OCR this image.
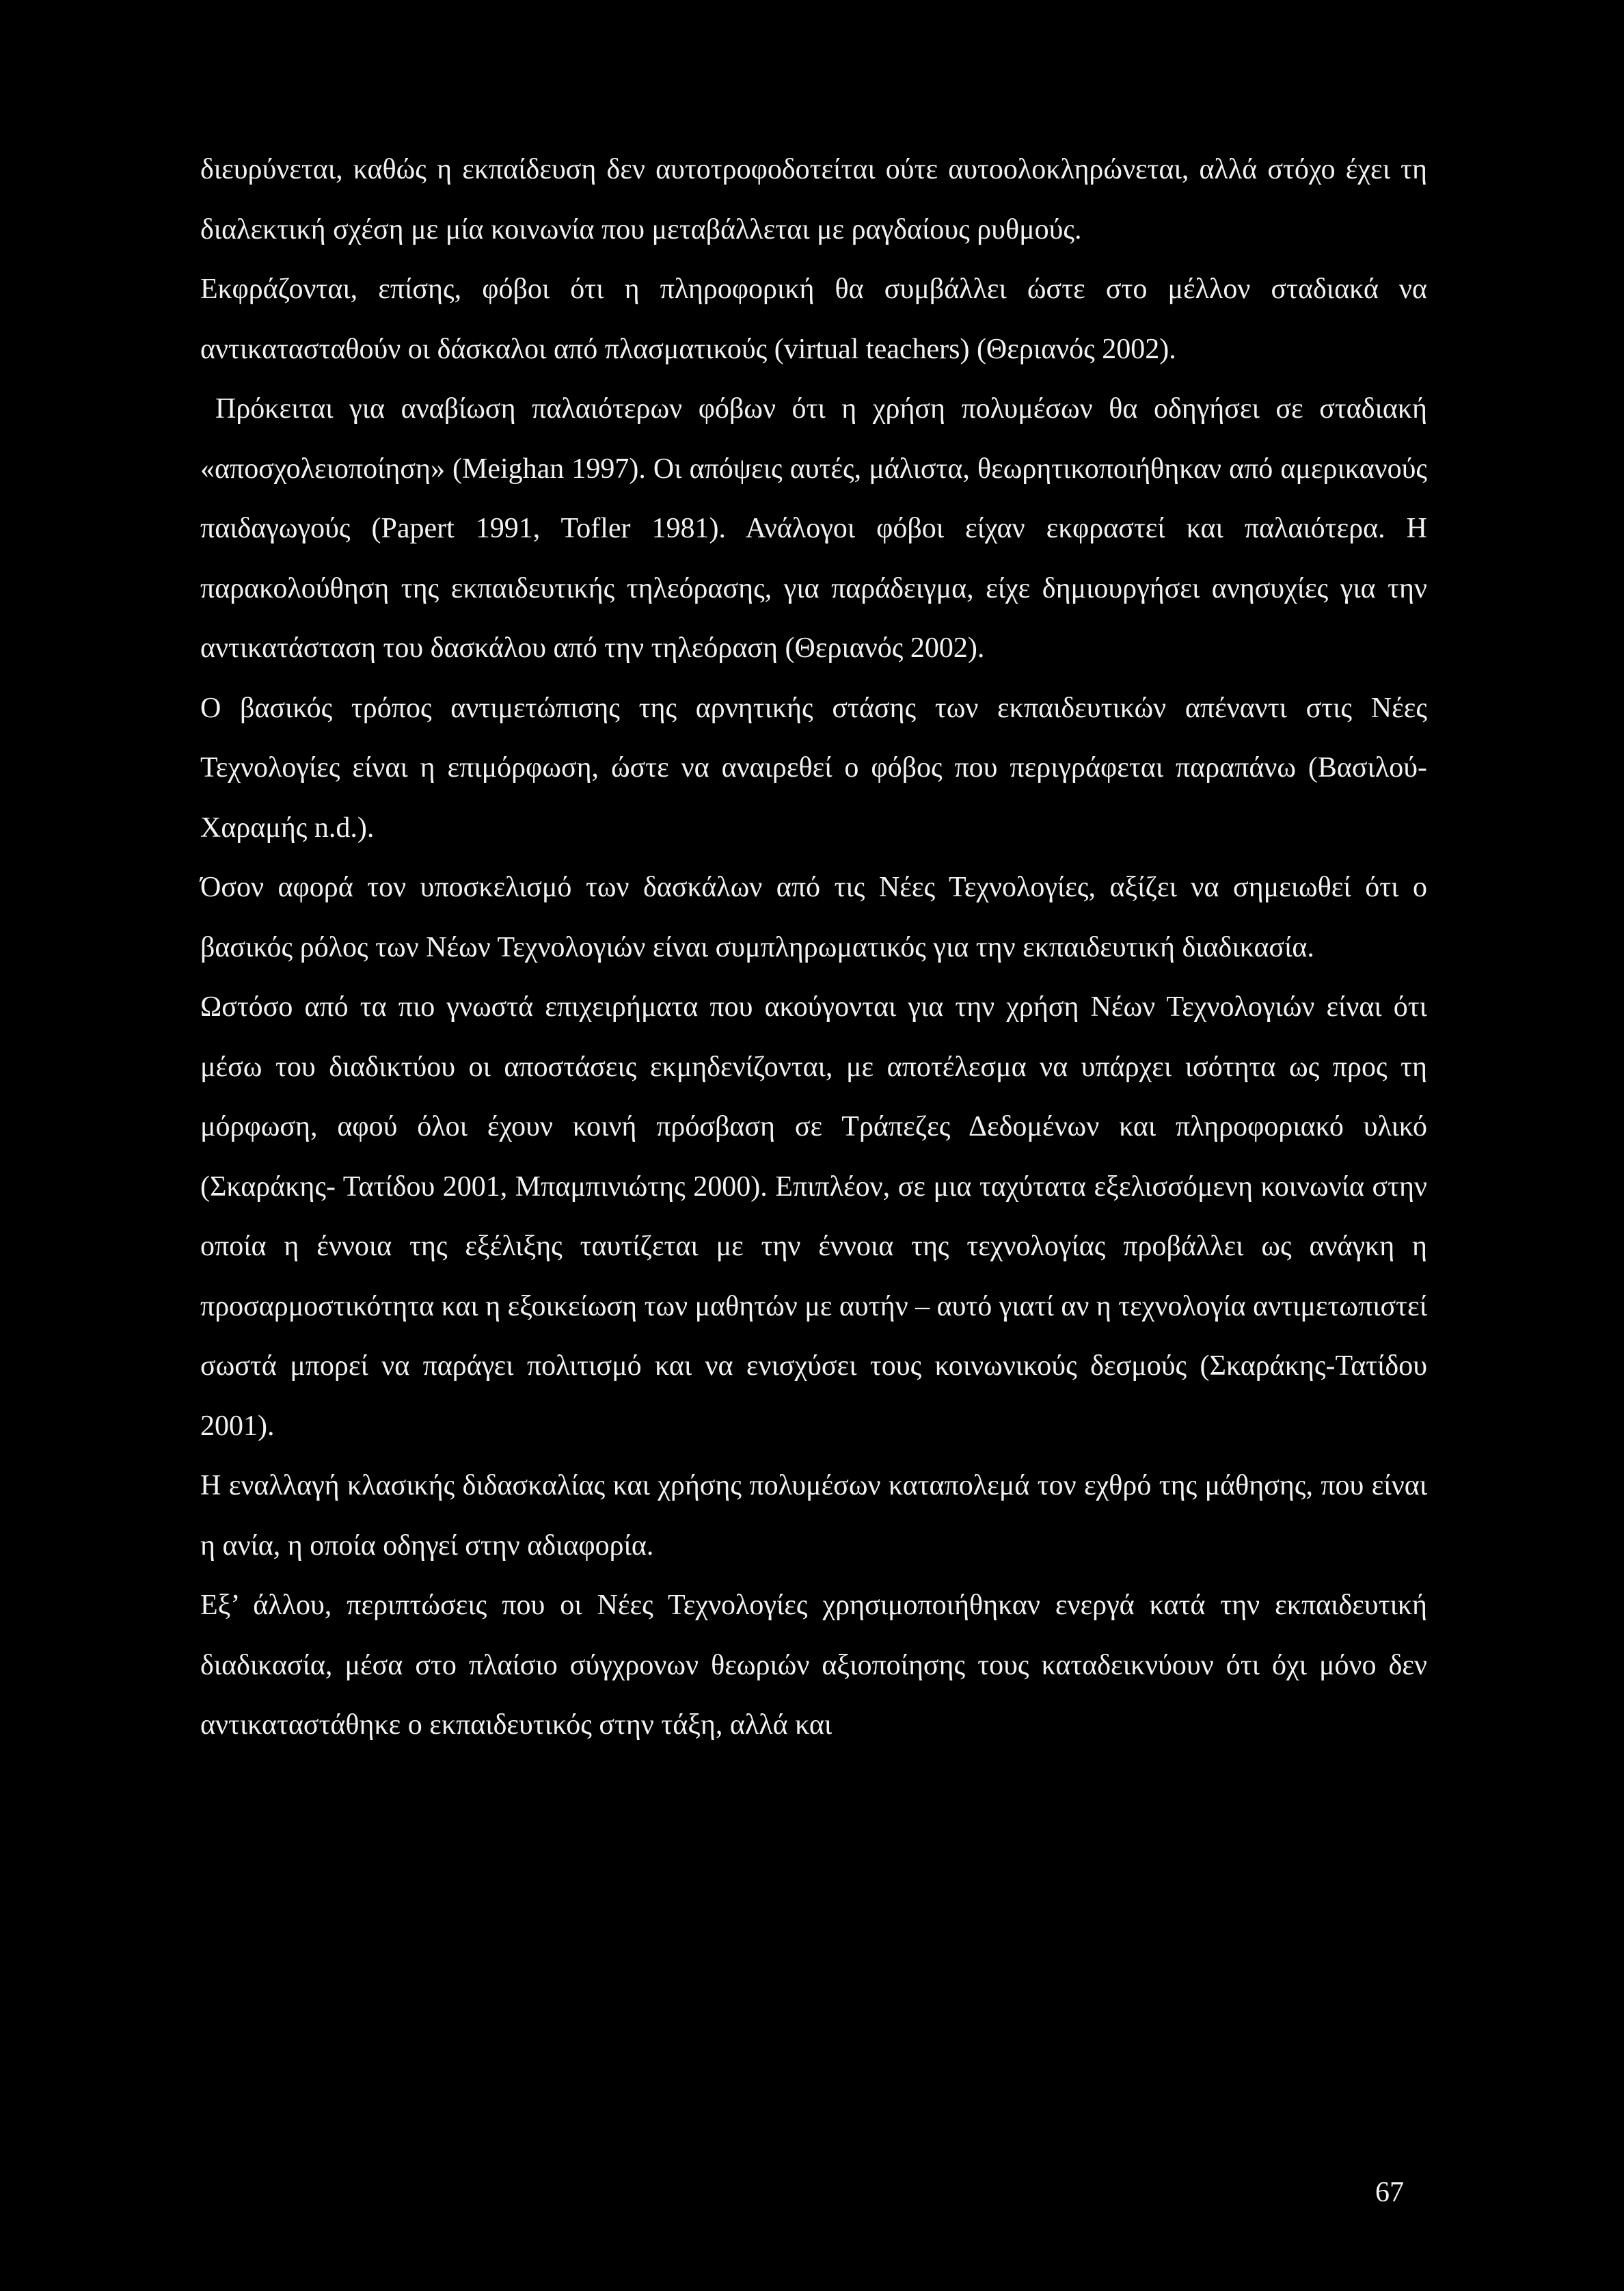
διευρύνεται, καθώς η εκπαίδευση δεν αυτοτροφοδοτείται ούτε αυτοολοκληρώνεται, αλλά στόχο έχει τη διαλεκτική σχέση με μία κοινωνία που μεταβάλλεται με ραγδαίους ρυθμούς.

Εκφράζονται, επίσης, φόβοι ότι η πληροφορική θα συμβάλλει ώστε στο μέλλον σταδιακά να αντικατασταθούν οι δάσκαλοι από πλασματικούς (virtual teachers) (Θεριανός 2002).

Πρόκειται για αναβίωση παλαιότερων φόβων ότι η χρήση πολυμέσων θα οδηγήσει σε σταδιακή «αποσχολειοποίηση» (Meighan 1997). Οι απόψεις αυτές, μάλιστα, θεωρητικοποιήθηκαν από αμερικανούς παιδαγωγούς (Papert 1991, Tofler 1981). Ανάλογοι φόβοι είχαν εκφραστεί και παλαιότερα. Η παρακολούθηση της εκπαιδευτικής τηλεόρασης, για παράδειγμα, είχε δημιουργήσει ανησυχίες για την αντικατάσταση του δασκάλου από την τηλεόραση (Θεριανός 2002).

Ο βασικός τρόπος αντιμετώπισης της αρνητικής στάσης των εκπαιδευτικών απέναντι στις Νέες Τεχνολογίες είναι η επιμόρφωση, ώστε να αναιρεθεί ο φόβος που περιγράφεται παραπάνω (Βασιλού-Χαραμής n.d.).

Όσον αφορά τον υποσκελισμό των δασκάλων από τις Νέες Τεχνολογίες, αξίζει να σημειωθεί ότι ο βασικός ρόλος των Νέων Τεχνολογιών είναι συμπληρωματικός για την εκπαιδευτική διαδικασία.

Ωστόσο από τα πιο γνωστά επιχειρήματα που ακούγονται για την χρήση Νέων Τεχνολογιών είναι ότι μέσω του διαδικτύου οι αποστάσεις εκμηδενίζονται, με αποτέλεσμα να υπάρχει ισότητα ως προς τη μόρφωση, αφού όλοι έχουν κοινή πρόσβαση σε Τράπεζες Δεδομένων και πληροφοριακό υλικό (Σκαράκης- Τατίδου 2001, Μπαμπινιώτης 2000). Επιπλέον, σε μια ταχύτατα εξελισσόμενη κοινωνία στην οποία η έννοια της εξέλιξης ταυτίζεται με την έννοια της τεχνολογίας προβάλλει ως ανάγκη η προσαρμοστικότητα και η εξοικείωση των μαθητών με αυτήν – αυτό γιατί αν η τεχνολογία αντιμετωπιστεί σωστά μπορεί να παράγει πολιτισμό και να ενισχύσει τους κοινωνικούς δεσμούς (Σκαράκης-Τατίδου 2001).

Η εναλλαγή κλασικής διδασκαλίας και χρήσης πολυμέσων καταπολεμά τον εχθρό της μάθησης, που είναι η ανία, η οποία οδηγεί στην αδιαφορία.

Εξ’ άλλου, περιπτώσεις που οι Νέες Τεχνολογίες χρησιμοποιήθηκαν ενεργά κατά την εκπαιδευτική διαδικασία, μέσα στο πλαίσιο σύγχρονων θεωριών αξιοποίησης τους καταδεικνύουν ότι όχι μόνο δεν αντικαταστάθηκε ο εκπαιδευτικός στην τάξη, αλλά και

67
